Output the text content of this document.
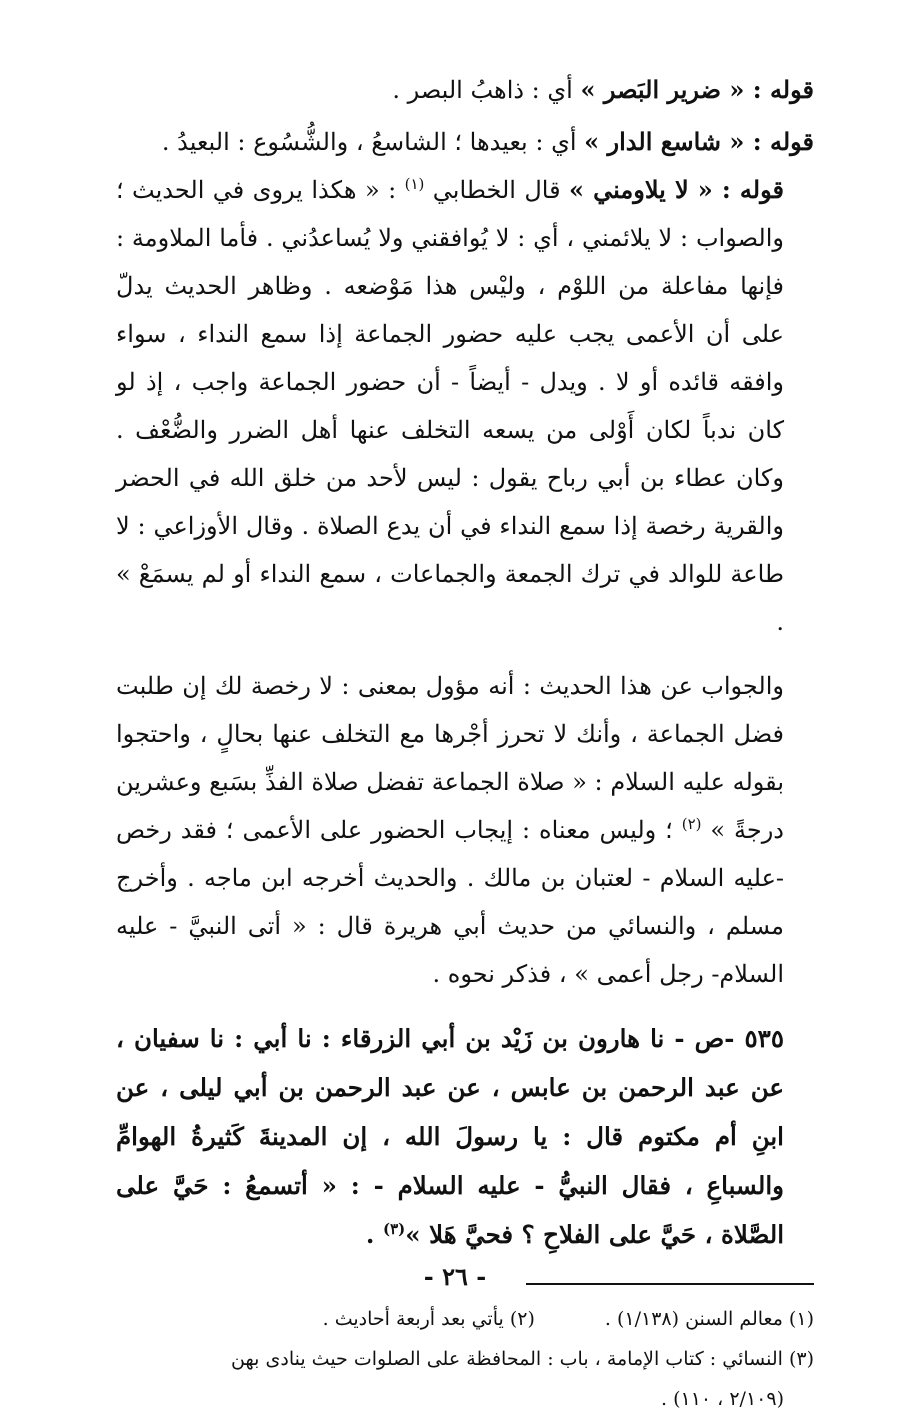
قوله : « ضرير البَصر » أي : ذاهبُ البصر .

قوله : « شاسع الدار » أي : بعيدها ؛ الشاسعُ ، والشُّسُوع : البعيدُ .

قوله : « لا يلاومني » قال الخطابي $^{(١)}$ : « هكذا يروى في الحديث ؛ والصواب : لا يلائمني ، أي : لا يُوافقني ولا يُساعدُني . فأما الملاومة : فإنها مفاعلة من اللوْم ، وليْس هذا مَوْضعه . وظاهر الحديث يدلّ على أن الأعمى يجب عليه حضور الجماعة إذا سمع النداء ، سواء وافقه قائده أو لا . ويدل - أيضاً - أن حضور الجماعة واجب ، إذ لو كان ندباً لكان أَوْلى من يسعه التخلف عنها أهل الضرر والضُّعْف . وكان عطاء بن أبي رباح يقول : ليس لأحد من خلق الله في الحضر والقرية رخصة إذا سمع النداء في أن يدع الصلاة . وقال الأوزاعي : لا طاعة للوالد في ترك الجمعة والجماعات ، سمع النداء أو لم يسمَعْ » .

والجواب عن هذا الحديث : أنه مؤول بمعنى : لا رخصة لك إن طلبت فضل الجماعة ، وأنك لا تحرز أجْرها مع التخلف عنها بحالٍ ، واحتجوا بقوله عليه السلام : « صلاة الجماعة تفضل صلاة الفذِّ بسَبع وعشرين درجةً » $^{(٢)}$ ؛ وليس معناه : إيجاب الحضور على الأعمى ؛ فقد رخص -عليه السلام - لعتبان بن مالك . والحديث أخرجه ابن ماجه . وأخرج مسلم ، والنسائي من حديث أبي هريرة قال : « أتى النبيَّ - عليه السلام- رجل أعمى » ، فذكر نحوه .

٥٣٥ -ص - نا هارون بن زَيْد بن أبي الزرقاء : نا أبي : نا سفيان ، عن عبد الرحمن بن عابس ، عن عبد الرحمن بن أبي ليلى ، عن ابنِ أم مكتوم قال : يا رسولَ الله ، إن المدينةَ كَثيرةُ الهوامِّ والسباعِ ، فقال النبيُّ - عليه السلام - : « أتسمعُ : حَيَّ على الصَّلاة ، حَيَّ على الفلاحِ ؟ فحيَّ هَلا »$^{(٣)}$ .

(١) معالم السنن (١/١٣٨) .
(٢) يأتي بعد أربعة أحاديث .

(٣) النسائي : كتاب الإمامة ، باب : المحافظة على الصلوات حيث ينادى بهن

(٢/١٠٩ ، ١١٠) .

- ٢٦ -
